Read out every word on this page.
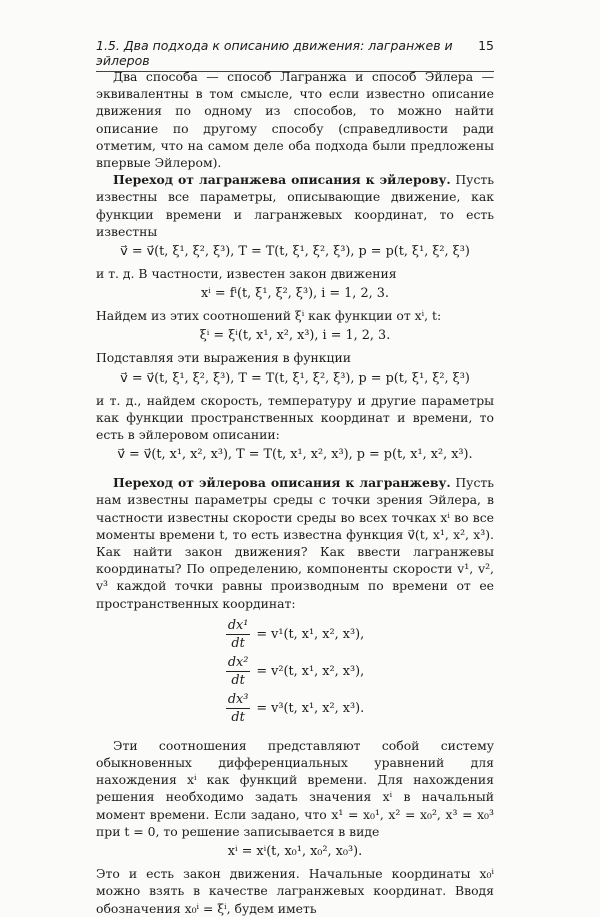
1.5. Два подхода к описанию движения: лагранжев и эйлеров
15

Два способа — способ Лагранжа и способ Эйлера — эквивалентны в том смысле, что если известно описание движения по одному из способов, то можно найти описание по другому способу (справедливости ради отметим, что на самом деле оба подхода были предложены впервые Эйлером).

Переход от лагранжева описания к эйлерову. Пусть известны все параметры, описывающие движение, как функции времени и лагранжевых координат, то есть известны

v⃗ = v⃗(t, ξ¹, ξ², ξ³), T = T(t, ξ¹, ξ², ξ³), p = p(t, ξ¹, ξ², ξ³)

и т. д. В частности, известен закон движения

xⁱ = fⁱ(t, ξ¹, ξ², ξ³), i = 1, 2, 3.

Найдем из этих соотношений ξⁱ как функции от xⁱ, t:

ξⁱ = ξⁱ(t, x¹, x², x³), i = 1, 2, 3.

Подставляя эти выражения в функции

v⃗ = v⃗(t, ξ¹, ξ², ξ³), T = T(t, ξ¹, ξ², ξ³), p = p(t, ξ¹, ξ², ξ³)

и т. д., найдем скорость, температуру и другие параметры как функции пространственных координат и времени, то есть в эйлеровом описании:

v⃗ = v⃗(t, x¹, x², x³), T = T(t, x¹, x², x³), p = p(t, x¹, x², x³).

Переход от эйлерова описания к лагранжеву. Пусть нам известны параметры среды с точки зрения Эйлера, в частности известны скорости среды во всех точках xⁱ во все моменты времени t, то есть известна функция v⃗(t, x¹, x², x³). Как найти закон движения? Как ввести лагранжевы координаты? По определению, компоненты скорости v¹, v², v³ каждой точки равны производным по времени от ее пространственных координат:

$\frac{\text{dx¹}}{dt} = v^1(t$, x¹, x², x³),
$\frac{\text{dx²}}{dt} = v^2(t$, x¹, x², x³),
$\frac{\text{dx³}}{dt} = v^3(t$, x¹, x², x³).

Эти соотношения представляют собой систему обыкновенных дифференциальных уравнений для нахождения xⁱ как функций времени. Для нахождения решения необходимо задать значения xⁱ в начальный момент времени. Если задано, что x¹ = x₀¹, x² = x₀², x³ = x₀³ при t = 0, то решение записывается в виде

xⁱ = xⁱ(t, x₀¹, x₀², x₀³).

Это и есть закон движения. Начальные координаты x₀ⁱ можно взять в качестве лагранжевых координат. Вводя обозначения x₀ⁱ = ξⁱ, будем иметь
